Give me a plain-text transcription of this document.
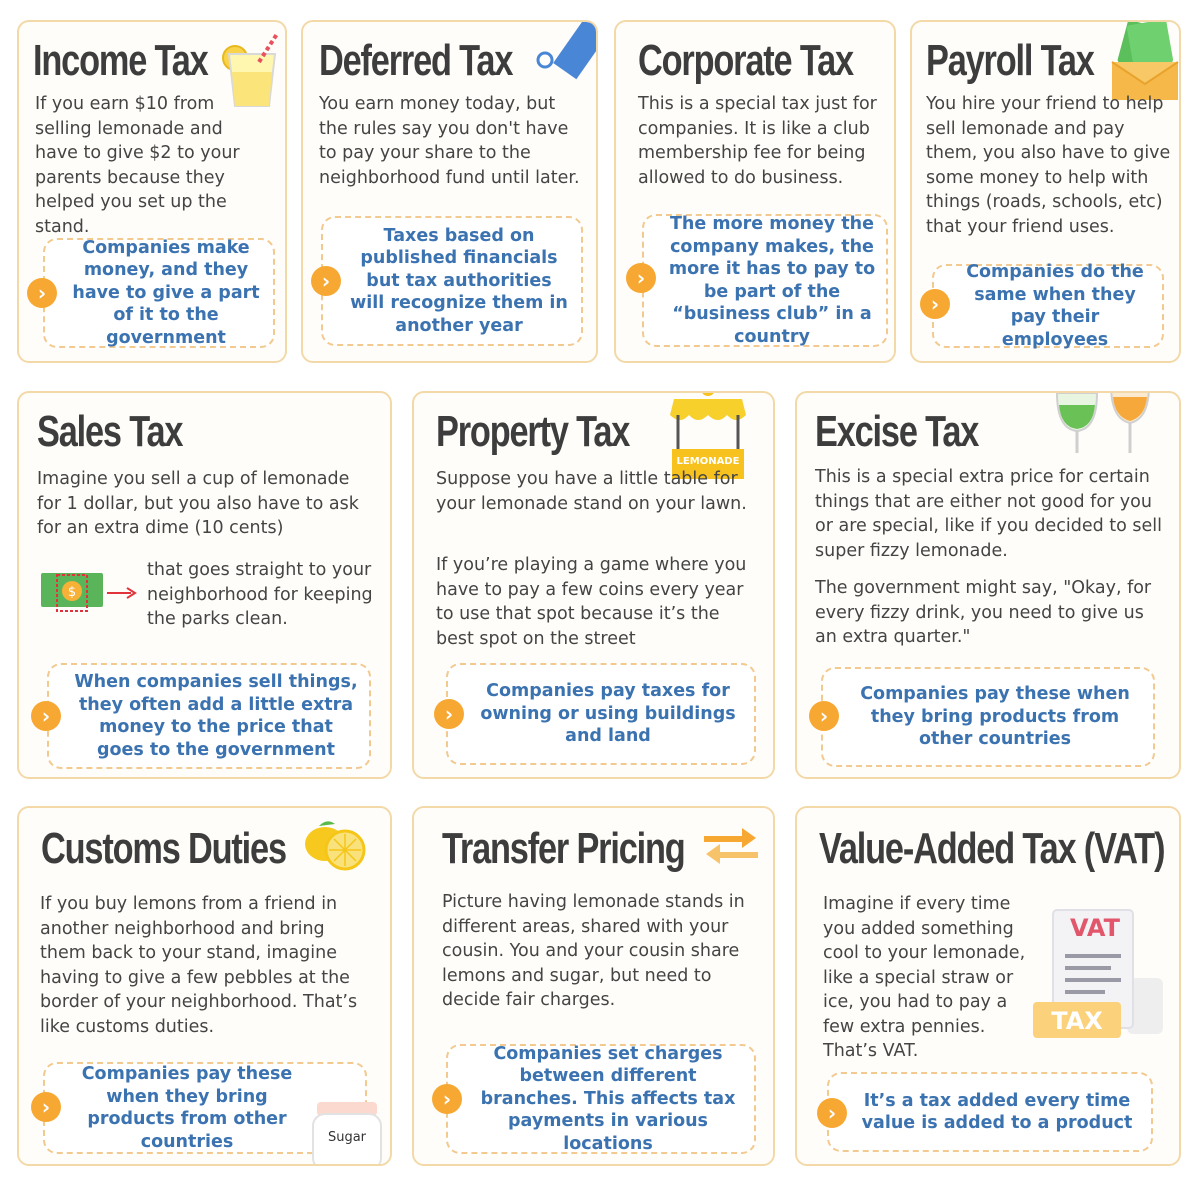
Income Tax

If you earn $10 from selling lemonade and have to give $2 to your parents because they helped you set up the stand.

Companies make money, and they have to give a part of it to the government
›
Deferred Tax

You earn money today, but the rules say you don't have to pay your share to the neighborhood fund until later.

Taxes based on published financials but tax authorities will recognize them in another year
›
Corporate Tax

This is a special tax just for companies. It is like a club membership fee for being allowed to do business.

The more money the company makes, the more it has to pay to be part of the “business club” in a country
›
Payroll Tax

You hire your friend to help sell lemonade and pay them, you also have to give some money to help with things (roads, schools, etc) that your friend uses.

Companies do the same when they pay their employees
›
Sales Tax

Imagine you sell a cup of lemonade for 1 dollar, but you also have to ask for an extra dime (10 cents)

$

that goes straight to your neighborhood for keeping the parks clean.

When companies sell things, they often add a little extra money to the price that goes to the government
›
Property Tax
LEMONADE

Suppose you have a little table for your lemonade stand on your lawn.

If you’re playing a game where you have to pay a few coins every year to use that spot because it’s the best spot on the street

Companies pay taxes for owning or using buildings and land
›
Excise Tax

This is a special extra price for certain things that are either not good for you or are special, like if you decided to sell super fizzy lemonade.

The government might say, "Okay, for every fizzy drink, you need to give us an extra quarter."

Companies pay these when they bring products from other countries
›
Customs Duties

If you buy lemons from a friend in another neighborhood and bring them back to your stand, imagine having to give a few pebbles at the border of your neighborhood. That’s like customs duties.

Companies pay these when they bring products from other countries
›
Sugar
Transfer Pricing

Picture having lemonade stands in different areas, shared with your cousin. You and your cousin share lemons and sugar, but need to decide fair charges.

Companies set charges between different branches. This affects tax payments in various locations
›
Value-Added Tax (VAT)

Imagine if every time you added something cool to your lemonade, like a special straw or ice, you had to pay a few extra pennies. That’s VAT.

VAT
TAX
It’s a tax added every time value is added to a product
›
